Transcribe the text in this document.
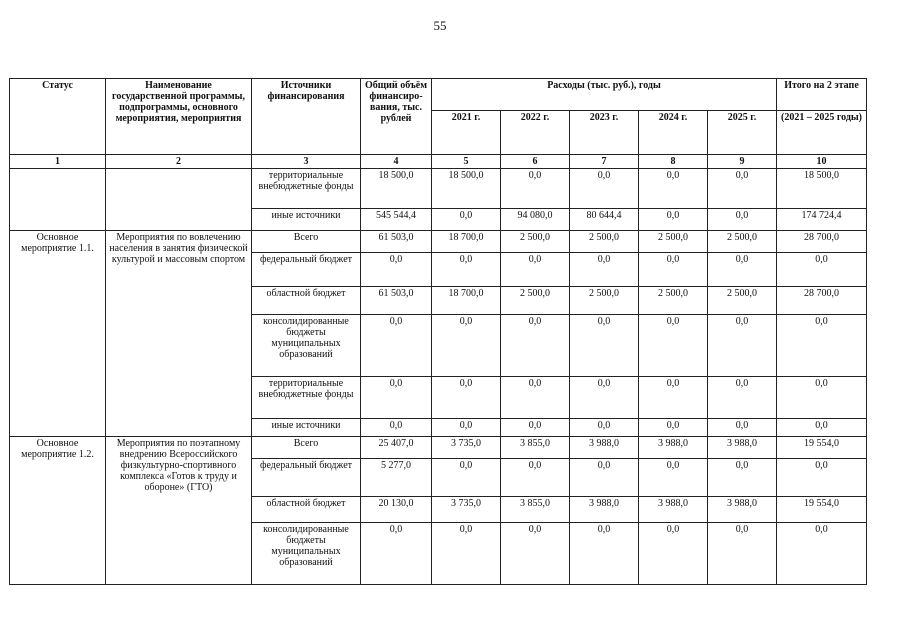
55
Статус	Наименование государственной программы, подпрограммы, основного мероприятия, мероприятия	Источники финансирования	Общий объём финансиро-вания, тыс. рублей	Расходы (тыс. руб.), годы					Итого на 2 этапе
				2021 г.	2022 г.	2023 г.	2024 г.	2025 г.	(2021 – 2025 годы)
1	2	3	4	5	6	7	8	9	10
		территориальные внебюджетные фонды	18 500,0	18 500,0	0,0	0,0	0,0	0,0	18 500,0
		иные источники	545 544,4	0,0	94 080,0	80 644,4	0,0	0,0	174 724,4
Основное мероприятие 1.1.	Мероприятия по вовлечению населения в занятия физической культурой и массовым спортом	Всего	61 503,0	18 700,0	2 500,0	2 500,0	2 500,0	2 500,0	28 700,0
		федеральный бюджет	0,0	0,0	0,0	0,0	0,0	0,0	0,0
		областной бюджет	61 503,0	18 700,0	2 500,0	2 500,0	2 500,0	2 500,0	28 700,0
		консолидированные бюджеты муниципальных образований	0,0	0,0	0,0	0,0	0,0	0,0	0,0
		территориальные внебюджетные фонды	0,0	0,0	0,0	0,0	0,0	0,0	0,0
		иные источники	0,0	0,0	0,0	0,0	0,0	0,0	0,0
Основное мероприятие 1.2.	Мероприятия по поэтапному внедрению Всероссийского физкультурно-спортивного комплекса «Готов к труду и обороне» (ГТО)	Всего	25 407,0	3 735,0	3 855,0	3 988,0	3 988,0	3 988,0	19 554,0
		федеральный бюджет	5 277,0	0,0	0,0	0,0	0,0	0,0	0,0
		областной бюджет	20 130,0	3 735,0	3 855,0	3 988,0	3 988,0	3 988,0	19 554,0
		консолидированные бюджеты муниципальных образований	0,0	0,0	0,0	0,0	0,0	0,0	0,0
